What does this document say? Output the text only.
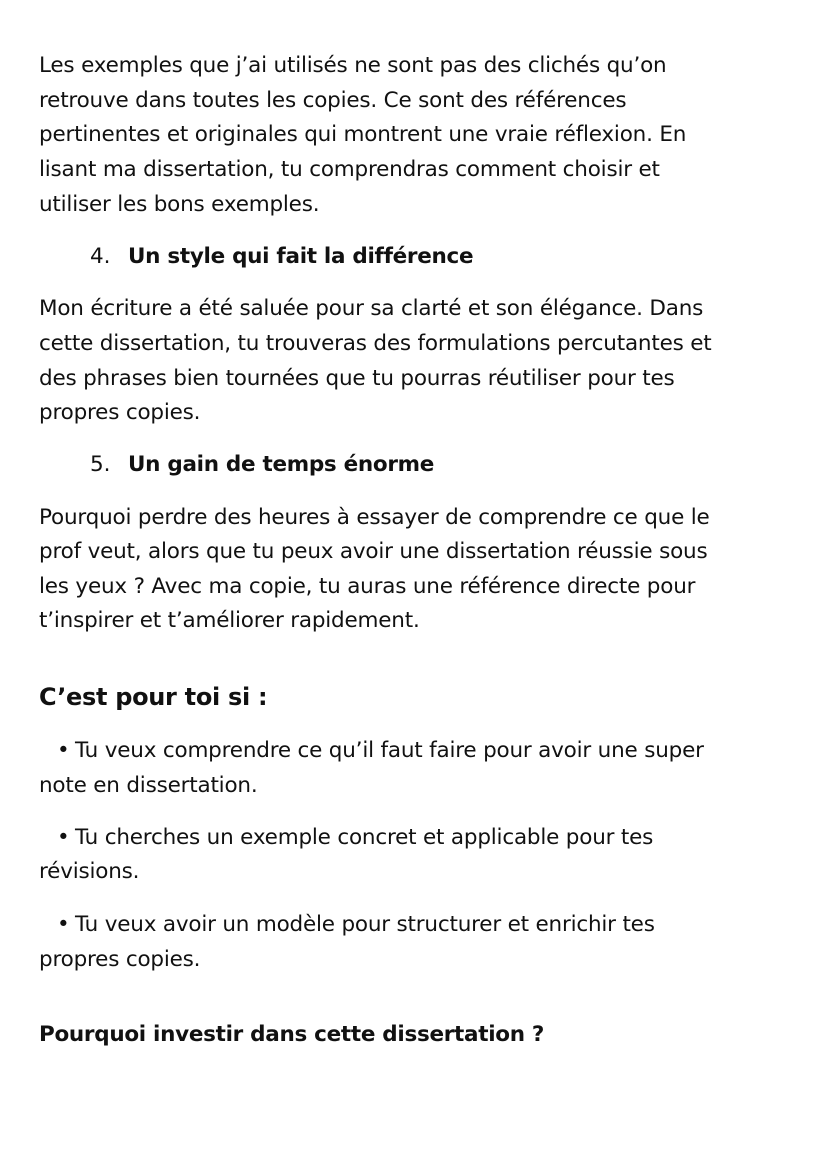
Les exemples que j’ai utilisés ne sont pas des clichés qu’on
retrouve dans toutes les copies. Ce sont des références
pertinentes et originales qui montrent une vraie réflexion. En
lisant ma dissertation, tu comprendras comment choisir et
utiliser les bons exemples.
4. Un style qui fait la différence
Mon écriture a été saluée pour sa clarté et son élégance. Dans
cette dissertation, tu trouveras des formulations percutantes et
des phrases bien tournées que tu pourras réutiliser pour tes
propres copies.
5. Un gain de temps énorme
Pourquoi perdre des heures à essayer de comprendre ce que le
prof veut, alors que tu peux avoir une dissertation réussie sous
les yeux ? Avec ma copie, tu auras une référence directe pour
t’inspirer et t’améliorer rapidement.
C’est pour toi si :
• Tu veux comprendre ce qu’il faut faire pour avoir une super
note en dissertation.
• Tu cherches un exemple concret et applicable pour tes
révisions.
• Tu veux avoir un modèle pour structurer et enrichir tes
propres copies.
Pourquoi investir dans cette dissertation ?
